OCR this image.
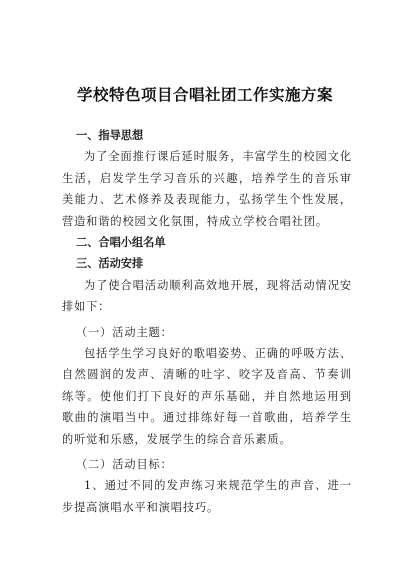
学校特色项目合唱社团工作实施方案
一、指导思想

为了全面推行课后延时服务，丰富学生的校园文化生活，启发学生学习音乐的兴趣，培养学生的音乐审美能力、艺术修养及表现能力，弘扬学生个性发展，营造和谐的校园文化氛围，特成立学校合唱社团。

二、合唱小组名单
三、活动安排

为了使合唱活动顺利高效地开展，现将活动情况安排如下：

（一）活动主题：

包括学生学习良好的歌唱姿势、正确的呼吸方法、自然圆润的发声、清晰的吐字、咬字及音高、节奏训练等。使他们打下良好的声乐基础，并自然地运用到歌曲的演唱当中。通过排练好每一首歌曲，培养学生的听觉和乐感，发展学生的综合音乐素质。

（二）活动目标：

1、通过不同的发声练习来规范学生的声音、进一步提高演唱水平和演唱技巧。
